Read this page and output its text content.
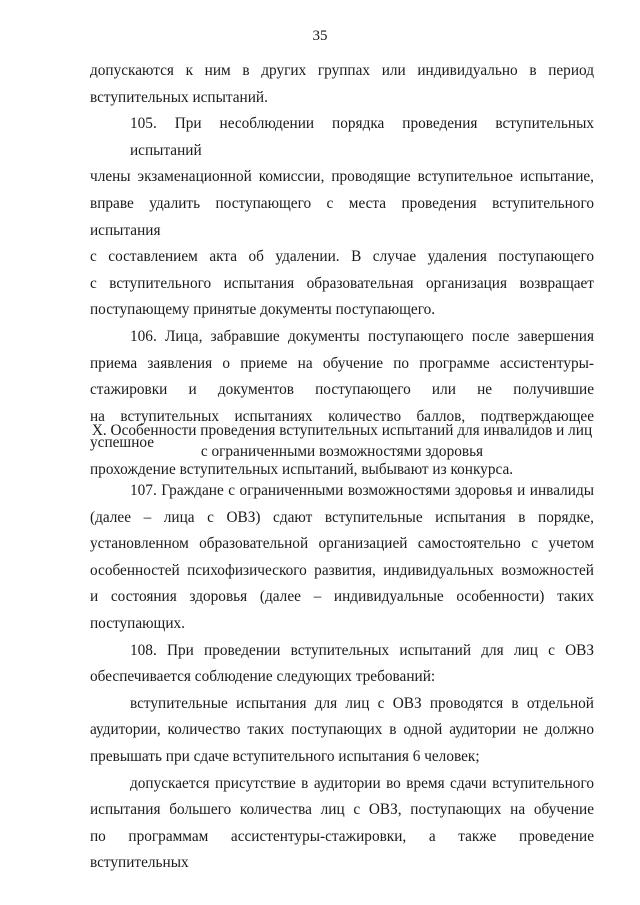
35

допускаются к ним в других группах или индивидуально в период
вступительных испытаний.

105. При несоблюдении порядка проведения вступительных испытаний
члены экзаменационной комиссии, проводящие вступительное испытание,
вправе удалить поступающего с места проведения вступительного испытания
с составлением акта об удалении. В случае удаления поступающего
с вступительного испытания образовательная организация возвращает
поступающему принятые документы поступающего.

106. Лица, забравшие документы поступающего после завершения
приема заявления о приеме на обучение по программе ассистентуры-
стажировки и документов поступающего или не получившие
на вступительных испытаниях количество баллов, подтверждающее успешное
прохождение вступительных испытаний, выбывают из конкурса.

X. Особенности проведения вступительных испытаний для инвалидов и лиц

с ограниченными возможностями здоровья

107. Граждане с ограниченными возможностями здоровья и инвалиды
(далее – лица с ОВЗ) сдают вступительные испытания в порядке,
установленном образовательной организацией самостоятельно с учетом
особенностей психофизического развития, индивидуальных возможностей
и состояния здоровья (далее – индивидуальные особенности) таких
поступающих.

108. При проведении вступительных испытаний для лиц с ОВЗ
обеспечивается соблюдение следующих требований:

вступительные испытания для лиц с ОВЗ проводятся в отдельной
аудитории, количество таких поступающих в одной аудитории не должно
превышать при сдаче вступительного испытания 6 человек;

допускается присутствие в аудитории во время сдачи вступительного
испытания большего количества лиц с ОВЗ, поступающих на обучение
по программам ассистентуры-стажировки, а также проведение вступительных
